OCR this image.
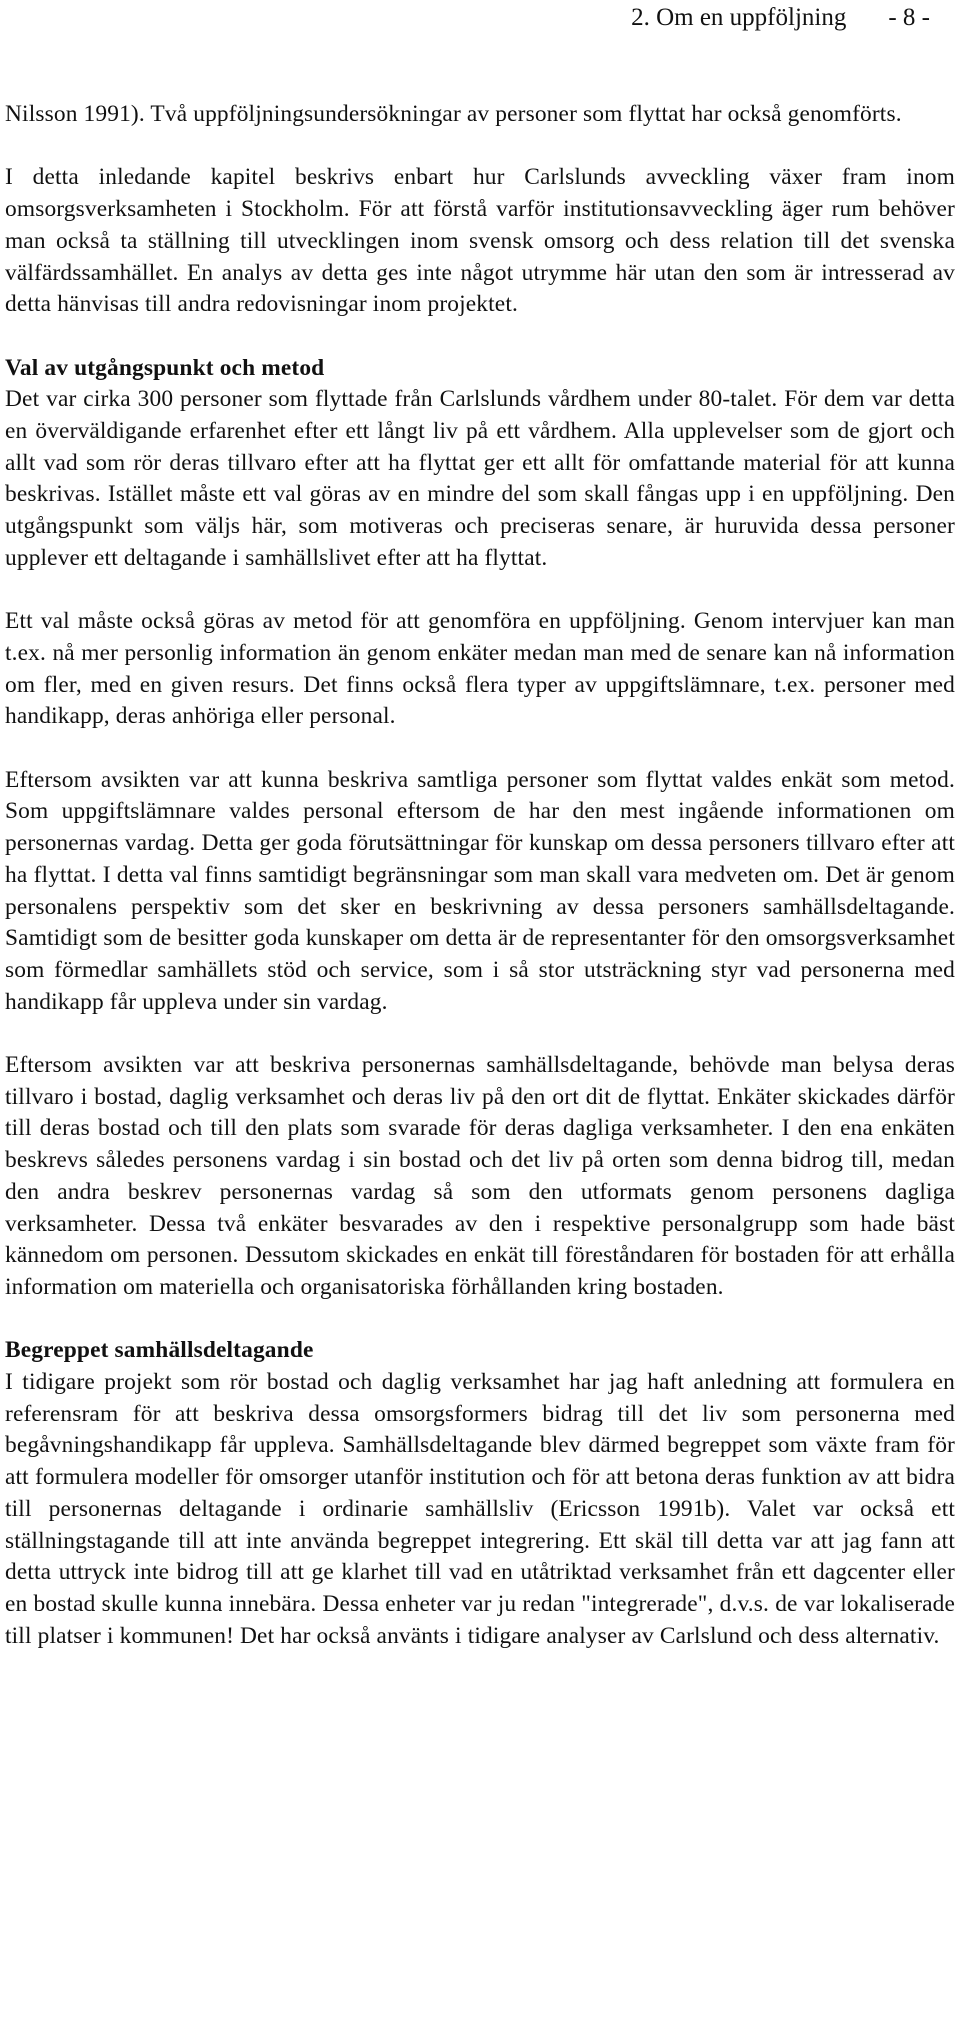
2. Om en uppföljning - 8 -

Nilsson 1991). Två uppföljningsundersökningar av personer som flyttat har också genomförts.

I detta inledande kapitel beskrivs enbart hur Carlslunds avveckling växer fram inom omsorgsverksamheten i Stockholm. För att förstå varför institutionsavveckling äger rum behöver man också ta ställning till utvecklingen inom svensk omsorg och dess relation till det svenska välfärdssamhället. En analys av detta ges inte något utrymme här utan den som är intresserad av detta hänvisas till andra redovisningar inom projektet.

Val av utgångspunkt och metod

Det var cirka 300 personer som flyttade från Carlslunds vårdhem under 80-talet. För dem var detta en överväldigande erfarenhet efter ett långt liv på ett vårdhem. Alla upplevelser som de gjort och allt vad som rör deras tillvaro efter att ha flyttat ger ett allt för omfattande material för att kunna beskrivas. Istället måste ett val göras av en mindre del som skall fångas upp i en uppföljning. Den utgångspunkt som väljs här, som motiveras och preciseras senare, är huruvida dessa personer upplever ett deltagande i samhällslivet efter att ha flyttat.

Ett val måste också göras av metod för att genomföra en uppföljning. Genom intervjuer kan man t.ex. nå mer personlig information än genom enkäter medan man med de senare kan nå information om fler, med en given resurs. Det finns också flera typer av uppgiftslämnare, t.ex. personer med handikapp, deras anhöriga eller personal.

Eftersom avsikten var att kunna beskriva samtliga personer som flyttat valdes enkät som metod. Som uppgiftslämnare valdes personal eftersom de har den mest ingående informationen om personernas vardag. Detta ger goda förutsättningar för kunskap om dessa personers tillvaro efter att ha flyttat. I detta val finns samtidigt begränsningar som man skall vara medveten om. Det är genom personalens perspektiv som det sker en beskrivning av dessa personers samhällsdeltagande. Samtidigt som de besitter goda kunskaper om detta är de representanter för den omsorgsverksamhet som förmedlar samhällets stöd och service, som i så stor utsträckning styr vad personerna med handikapp får uppleva under sin vardag.

Eftersom avsikten var att beskriva personernas samhällsdeltagande, behövde man belysa deras tillvaro i bostad, daglig verksamhet och deras liv på den ort dit de flyttat. Enkäter skickades därför till deras bostad och till den plats som svarade för deras dagliga verksamheter. I den ena enkäten beskrevs således personens vardag i sin bostad och det liv på orten som denna bidrog till, medan den andra beskrev personernas vardag så som den utformats genom personens dagliga verksamheter. Dessa två enkäter besvarades av den i respektive personalgrupp som hade bäst kännedom om personen. Dessutom skickades en enkät till föreståndaren för bostaden för att erhålla information om materiella och organisatoriska förhållanden kring bostaden.

Begreppet samhällsdeltagande

I tidigare projekt som rör bostad och daglig verksamhet har jag haft anledning att formulera en referensram för att beskriva dessa omsorgsformers bidrag till det liv som personerna med begåvningshandikapp får uppleva. Samhällsdeltagande blev därmed begreppet som växte fram för att formulera modeller för omsorger utanför institution och för att betona deras funktion av att bidra till personernas deltagande i ordinarie samhällsliv (Ericsson 1991b). Valet var också ett ställningstagande till att inte använda begreppet integrering. Ett skäl till detta var att jag fann att detta uttryck inte bidrog till att ge klarhet till vad en utåtriktad verksamhet från ett dagcenter eller en bostad skulle kunna innebära. Dessa enheter var ju redan "integrerade", d.v.s. de var lokaliserade till platser i kommunen! Det har också använts i tidigare analyser av Carlslund och dess alternativ.
